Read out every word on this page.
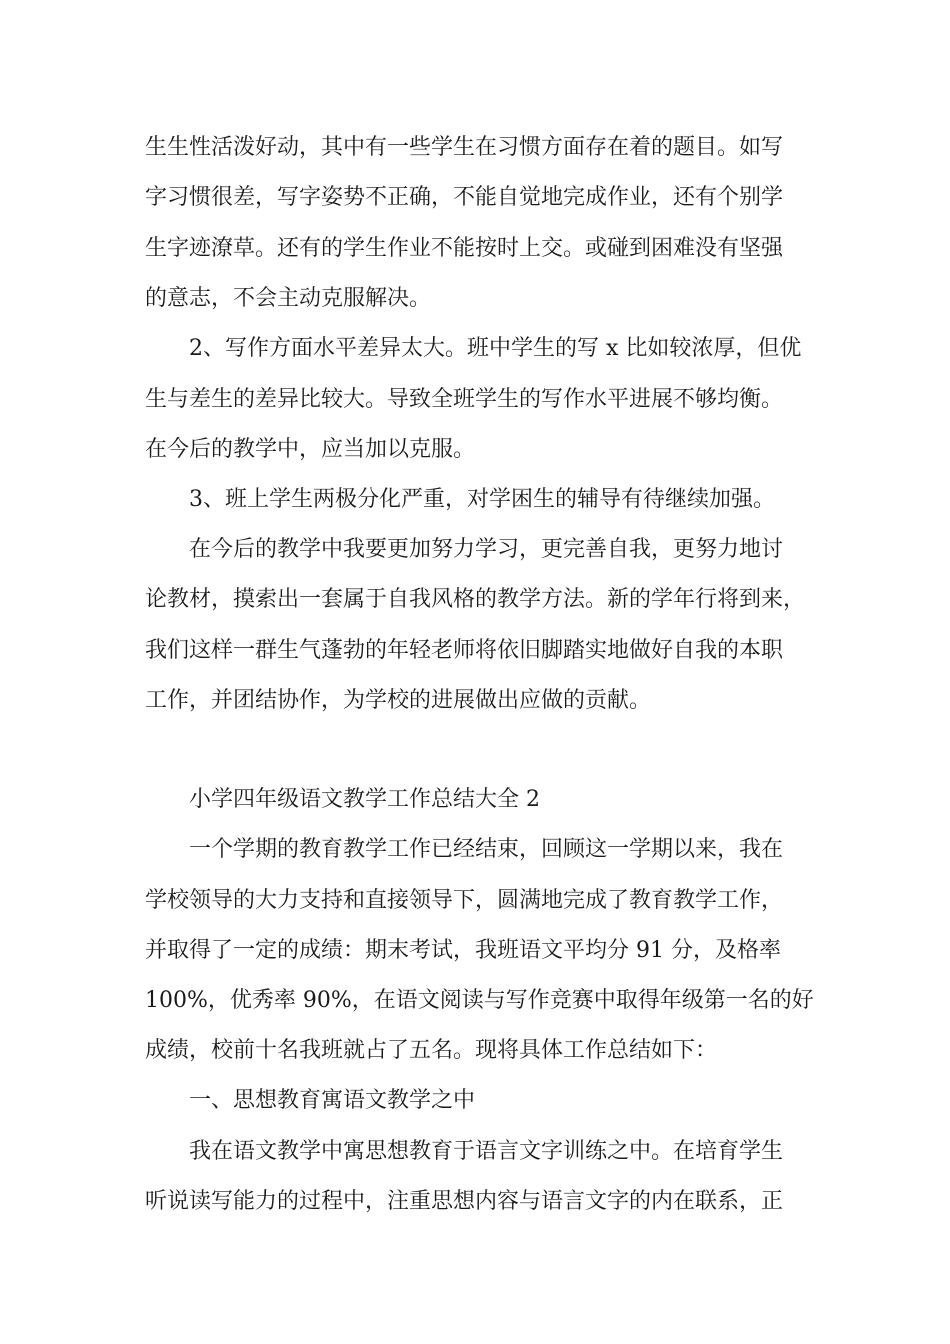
生生性活泼好动，其中有一些学生在习惯方面存在着的题目。如写
字习惯很差，写字姿势不正确，不能自觉地完成作业，还有个别学
生字迹潦草。还有的学生作业不能按时上交。或碰到困难没有坚强
的意志，不会主动克服解决。
2、写作方面水平差异太大。班中学生的写 x 比如较浓厚，但优
生与差生的差异比较大。导致全班学生的写作水平进展不够均衡。
在今后的教学中，应当加以克服。
3、班上学生两极分化严重，对学困生的辅导有待继续加强。
在今后的教学中我要更加努力学习，更完善自我，更努力地讨
论教材，摸索出一套属于自我风格的教学方法。新的学年行将到来，
我们这样一群生气蓬勃的年轻老师将依旧脚踏实地做好自我的本职
工作，并团结协作，为学校的进展做出应做的贡献。
小学四年级语文教学工作总结大全 2
一个学期的教育教学工作已经结束，回顾这一学期以来，我在
学校领导的大力支持和直接领导下，圆满地完成了教育教学工作，
并取得了一定的成绩：期末考试，我班语文平均分 91 分，及格率
100%，优秀率 90%，在语文阅读与写作竞赛中取得年级第一名的好
成绩，校前十名我班就占了五名。现将具体工作总结如下：
一、思想教育寓语文教学之中
我在语文教学中寓思想教育于语言文字训练之中。在培育学生
听说读写能力的过程中，注重思想内容与语言文字的内在联系，正
